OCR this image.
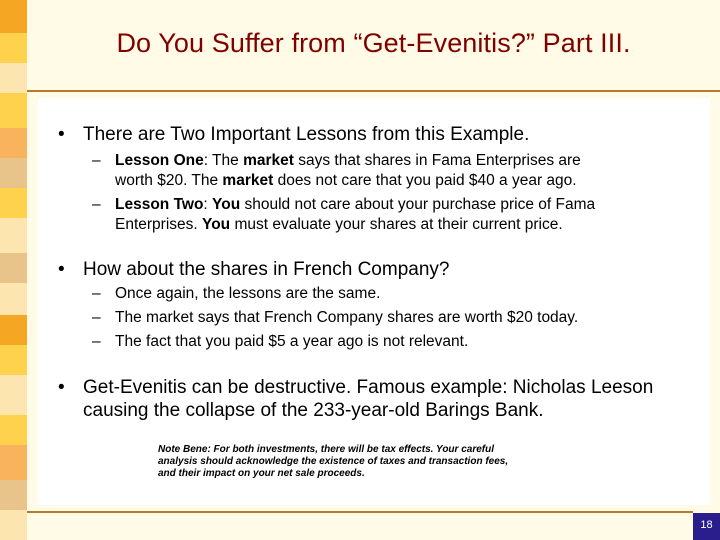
Do You Suffer from “Get-Evenitis?” Part III.
• There are Two Important Lessons from this Example.
– Lesson One: The market says that shares in Fama Enterprises are
worth $20. The market does not care that you paid $40 a year ago.
– Lesson Two: You should not care about your purchase price of Fama
Enterprises. You must evaluate your shares at their current price.
• How about the shares in French Company?
– Once again, the lessons are the same.
– The market says that French Company shares are worth $20 today.
– The fact that you paid $5 a year ago is not relevant.
• Get-Evenitis can be destructive. Famous example: Nicholas Leeson
causing the collapse of the 233-year-old Barings Bank.
Note Bene: For both investments, there will be tax effects. Your careful
analysis should acknowledge the existence of taxes and transaction fees,
and their impact on your net sale proceeds.
18
